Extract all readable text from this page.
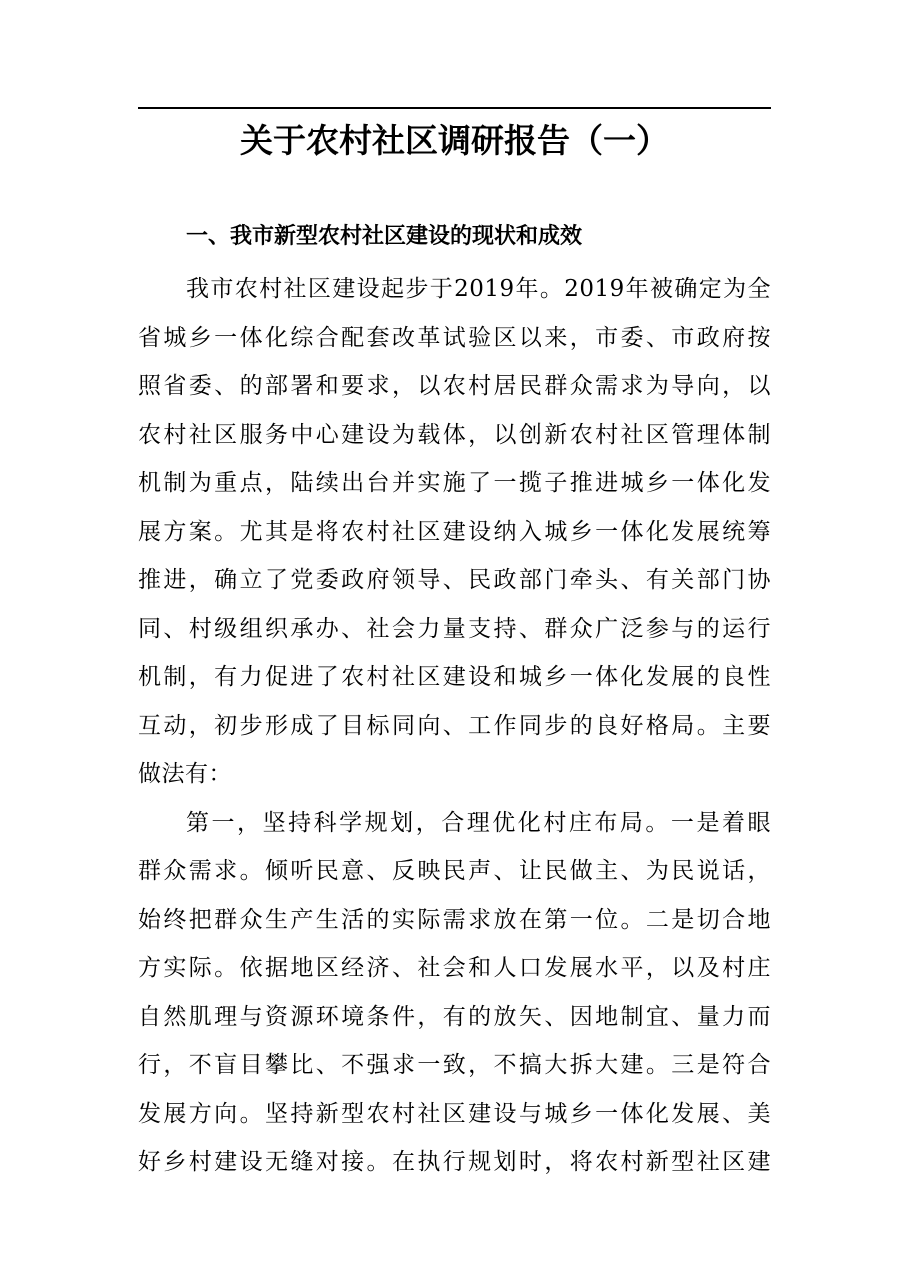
关于农村社区调研报告（一）
一、我市新型农村社区建设的现状和成效

我市农村社区建设起步于2019年。2019年被确定为全
省城乡一体化综合配套改革试验区以来，市委、市政府按
照省委、的部署和要求，以农村居民群众需求为导向，以
农村社区服务中心建设为载体，以创新农村社区管理体制
机制为重点，陆续出台并实施了一揽子推进城乡一体化发
展方案。尤其是将农村社区建设纳入城乡一体化发展统筹
推进，确立了党委政府领导、民政部门牵头、有关部门协
同、村级组织承办、社会力量支持、群众广泛参与的运行
机制，有力促进了农村社区建设和城乡一体化发展的良性
互动，初步形成了目标同向、工作同步的良好格局。主要
做法有：

第一，坚持科学规划，合理优化村庄布局。一是着眼
群众需求。倾听民意、反映民声、让民做主、为民说话，
始终把群众生产生活的实际需求放在第一位。二是切合地
方实际。依据地区经济、社会和人口发展水平，以及村庄
自然肌理与资源环境条件，有的放矢、因地制宜、量力而
行，不盲目攀比、不强求一致，不搞大拆大建。三是符合
发展方向。坚持新型农村社区建设与城乡一体化发展、美
好乡村建设无缝对接。在执行规划时，将农村新型社区建
